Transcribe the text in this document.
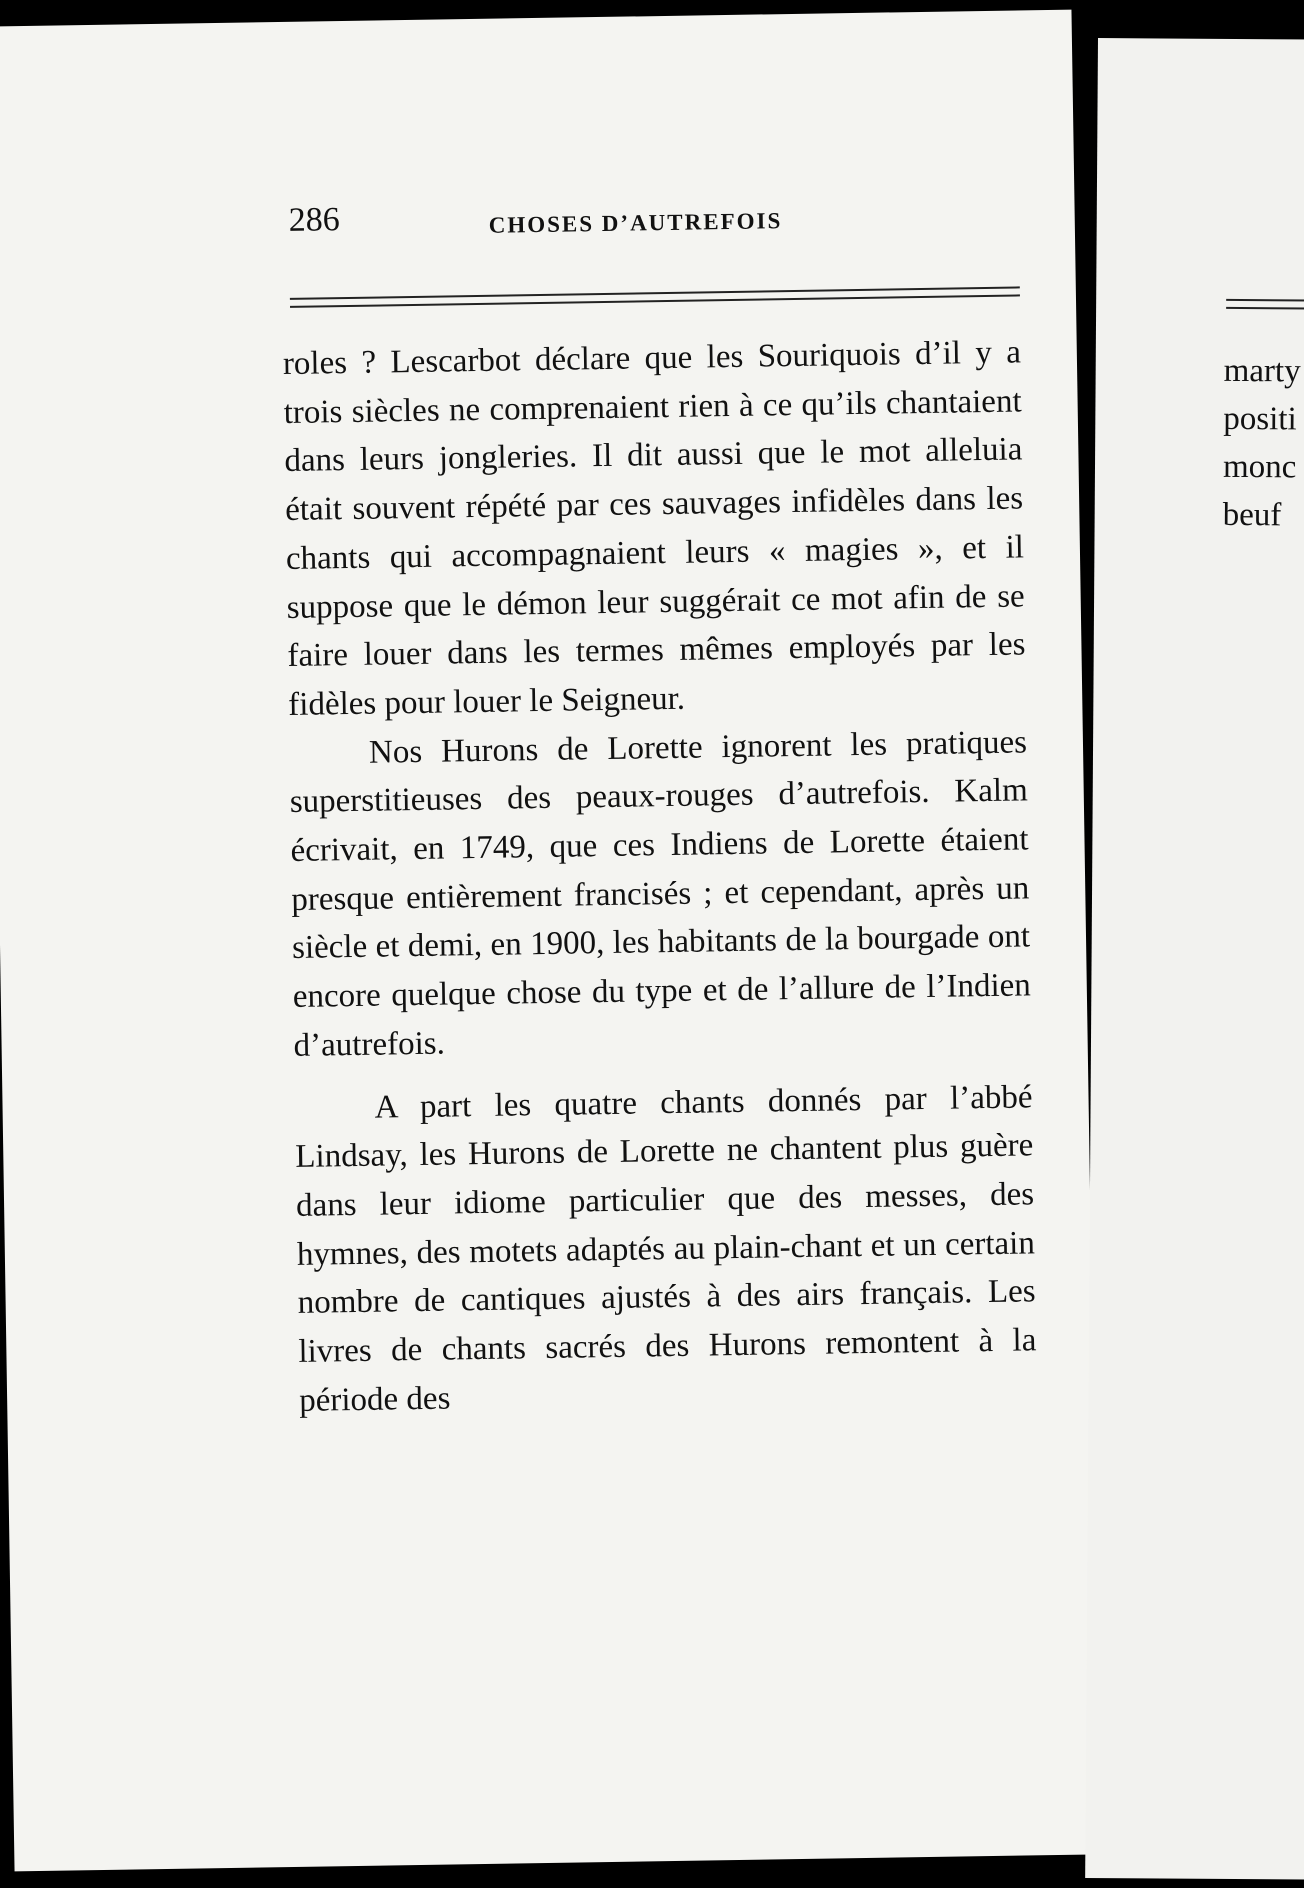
286	CHOSES D’AUTREFOIS

roles ? Lescarbot déclare que les Souriquois d’il y a trois siècles ne comprenaient rien à ce qu’ils chantaient dans leurs jongleries. Il dit aussi que le mot alleluia était souvent répété par ces sauvages infidèles dans les chants qui accompagnaient leurs « magies », et il suppose que le démon leur suggérait ce mot afin de se faire louer dans les termes mêmes employés par les fidèles pour louer le Seigneur.

Nos Hurons de Lorette ignorent les pratiques superstitieuses des peaux-rouges d’autrefois. Kalm écrivait, en 1749, que ces Indiens de Lorette étaient presque entièrement francisés ; et cependant, après un siècle et demi, en 1900, les habitants de la bourgade ont encore quelque chose du type et de l’allure de l’Indien d’autrefois.

A part les quatre chants donnés par l’abbé Lindsay, les Hurons de Lorette ne chantent plus guère dans leur idiome particulier que des messes, des hymnes, des motets adaptés au plain-chant et un certain nombre de cantiques ajustés à des airs français. Les livres de chants sacrés des Hurons remontent à la période des

marty
positi
monc
beuf
